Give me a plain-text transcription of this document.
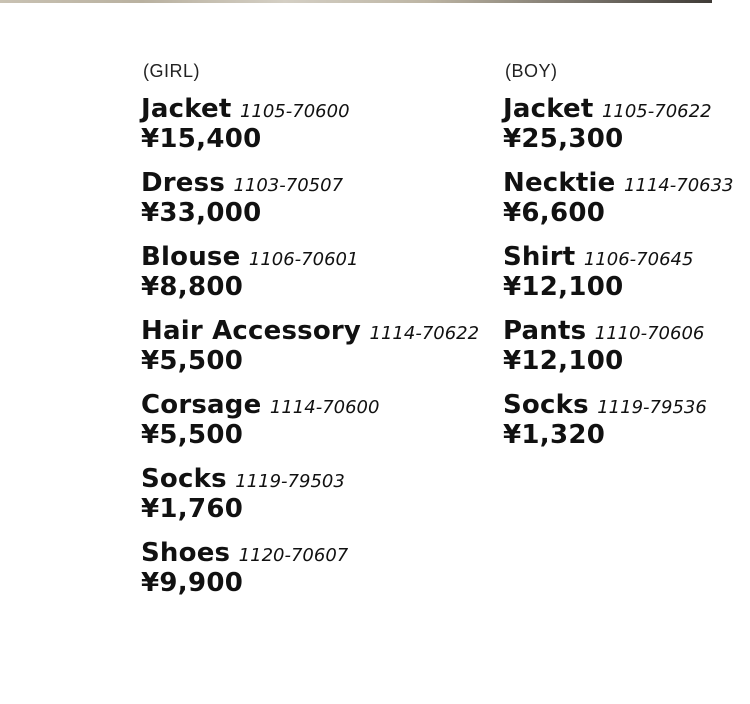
(GIRL)
Jacket 1105-70600
¥15,400
Dress 1103-70507
¥33,000
Blouse 1106-70601
¥8,800
Hair Accessory 1114-70622
¥5,500
Corsage 1114-70600
¥5,500
Socks 1119-79503
¥1,760
Shoes 1120-70607
¥9,900
(BOY)
Jacket 1105-70622
¥25,300
Necktie 1114-70633
¥6,600
Shirt 1106-70645
¥12,100
Pants 1110-70606
¥12,100
Socks 1119-79536
¥1,320
